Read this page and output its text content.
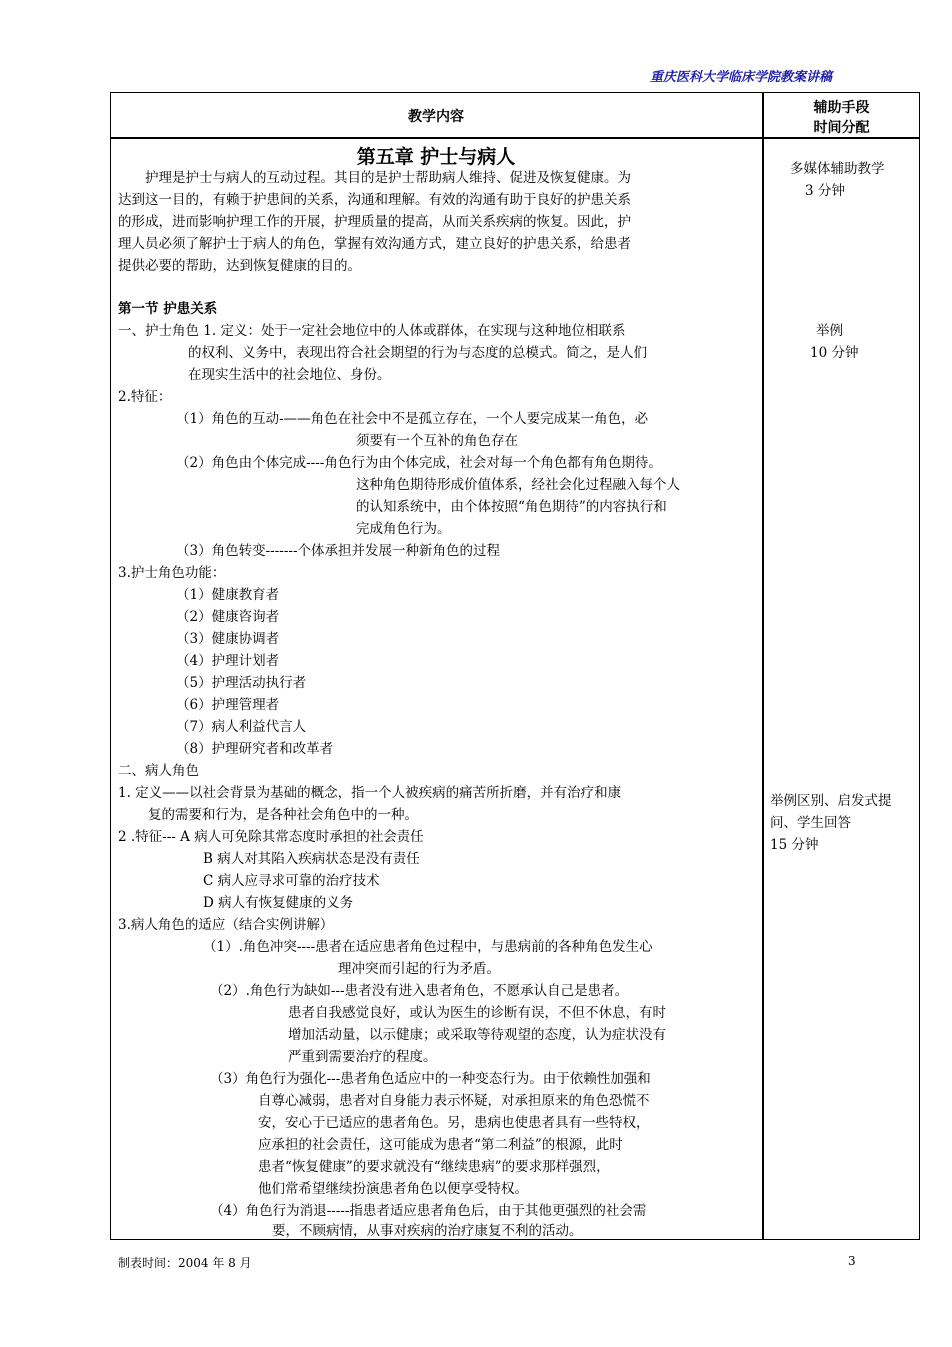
重庆医科大学临床学院教案讲稿
教学内容
辅助手段
时间分配
第五章 护士与病人
　　护理是护士与病人的互动过程。其目的是护士帮助病人维持、促进及恢复健康。为
达到这一目的，有赖于护患间的关系，沟通和理解。有效的沟通有助于良好的护患关系
的形成，进而影响护理工作的开展，护理质量的提高，从而关系疾病的恢复。因此，护
理人员必须了解护士于病人的角色，掌握有效沟通方式，建立良好的护患关系，给患者
提供必要的帮助，达到恢复健康的目的。
第一节 护患关系
一、护士角色 1. 定义：处于一定社会地位中的人体或群体，在实现与这种地位相联系
的权利、义务中，表现出符合社会期望的行为与态度的总模式。简之，是人们
在现实生活中的社会地位、身份。
2.特征：
（1）角色的互动-——角色在社会中不是孤立存在，一个人要完成某一角色，必
须要有一个互补的角色存在
（2）角色由个体完成----角色行为由个体完成，社会对每一个角色都有角色期待。
这种角色期待形成价值体系，经社会化过程融入每个人
的认知系统中，由个体按照“角色期待”的内容执行和
完成角色行为。
（3）角色转变-------个体承担并发展一种新角色的过程
3.护士角色功能：
（1）健康教育者
（2）健康咨询者
（3）健康协调者
（4）护理计划者
（5）护理活动执行者
（6）护理管理者
（7）病人利益代言人
（8）护理研究者和改革者
二、病人角色
1. 定义——以社会背景为基础的概念，指一个人被疾病的痛苦所折磨，并有治疗和康
复的需要和行为，是各种社会角色中的一种。
2 .特征--- A 病人可免除其常态度时承担的社会责任
B 病人对其陷入疾病状态是没有责任
C 病人应寻求可靠的治疗技术
D 病人有恢复健康的义务
3.病人角色的适应（结合实例讲解）
（1）.角色冲突----患者在适应患者角色过程中，与患病前的各种角色发生心
理冲突而引起的行为矛盾。
（2）.角色行为缺如---患者没有进入患者角色，不愿承认自己是患者。
患者自我感觉良好，或认为医生的诊断有误，不但不休息，有时
增加活动量，以示健康；或采取等待观望的态度，认为症状没有
严重到需要治疗的程度。
（3）角色行为强化---患者角色适应中的一种变态行为。由于依赖性加强和
自尊心减弱，患者对自身能力表示怀疑，对承担原来的角色恐慌不
安，安心于已适应的患者角色。另，患病也使患者具有一些特权，
应承担的社会责任，这可能成为患者“第二利益”的根源，此时
患者“恢复健康”的要求就没有“继续患病”的要求那样强烈，
他们常希望继续扮演患者角色以便享受特权。
（4）角色行为消退-----指患者适应患者角色后，由于其他更强烈的社会需
要，不顾病情，从事对疾病的治疗康复不利的活动。
多媒体辅助教学
3 分钟
举例
10 分钟
举例区别、启发式提
问、学生回答
15 分钟
制表时间：2004 年 8 月	3
